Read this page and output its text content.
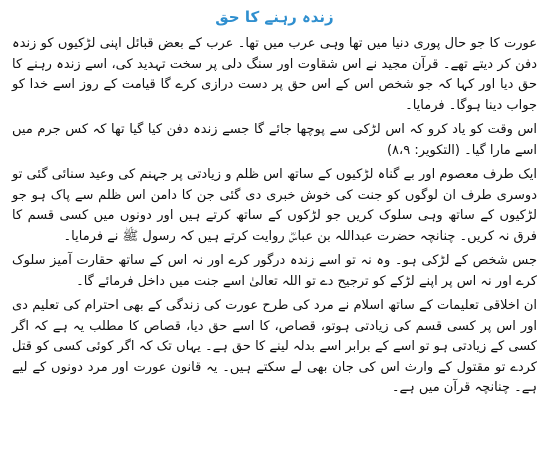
زندہ رہنے کا حق

عورت کا جو حال پوری دنیا میں تھا وہی عرب میں تھا۔ عرب کے بعض قبائل اپنی لڑکیوں کو زندہ دفن کر دیتے تھے۔ قرآن مجید نے اس شقاوت اور سنگ دلی پر سخت تہدید کی، اسے زندہ رہنے کا حق دیا اور کہا کہ جو شخص اس کے اس حق پر دست درازی کرے گا قیامت کے روز اسے خدا کو جواب دینا ہوگا۔ فرمایا۔

اس وقت کو یاد کرو کہ اس لڑکی سے پوچھا جائے گا جسے زندہ دفن کیا گیا تھا کہ کس جرم میں اسے مارا گیا۔ (التکویر: ۸،۹)

ایک طرف معصوم اور بے گناہ لڑکیوں کے ساتھ اس ظلم و زیادتی پر جہنم کی وعید سنائی گئی تو دوسری طرف ان لوگوں کو جنت کی خوش خبری دی گئی جن کا دامن اس ظلم سے پاک ہو جو لڑکیوں کے ساتھ وہی سلوک کریں جو لڑکوں کے ساتھ کرتے ہیں اور دونوں میں کسی قسم کا فرق نہ کریں۔ چنانچہ حضرت عبداللہ بن عباسؓ روایت کرتے ہیں کہ رسول ﷺ نے فرمایا۔

جس شخص کے لڑکی ہو۔ وہ نہ تو اسے زندہ درگور کرے اور نہ اس کے ساتھ حقارت آمیز سلوک کرے اور نہ اس پر اپنے لڑکے کو ترجیح دے تو اللہ تعالیٰ اسے جنت میں داخل فرمائے گا۔

ان اخلاقی تعلیمات کے ساتھ اسلام نے مرد کی طرح عورت کی زندگی کے بھی احترام کی تعلیم دی اور اس پر کسی قسم کی زیادتی ہوتو، قصاص، کا اسے حق دیا، قصاص کا مطلب یہ ہے کہ اگر کسی کے زیادتی ہو تو اسے کے برابر اسے بدلہ لینے کا حق ہے۔ یہاں تک کہ اگر کوئی کسی کو قتل کردے تو مقتول کے وارث اس کی جان بھی لے سکتے ہیں۔ یہ قانون عورت اور مرد دونوں کے لیے ہے۔ چنانچہ قرآن میں ہے۔
